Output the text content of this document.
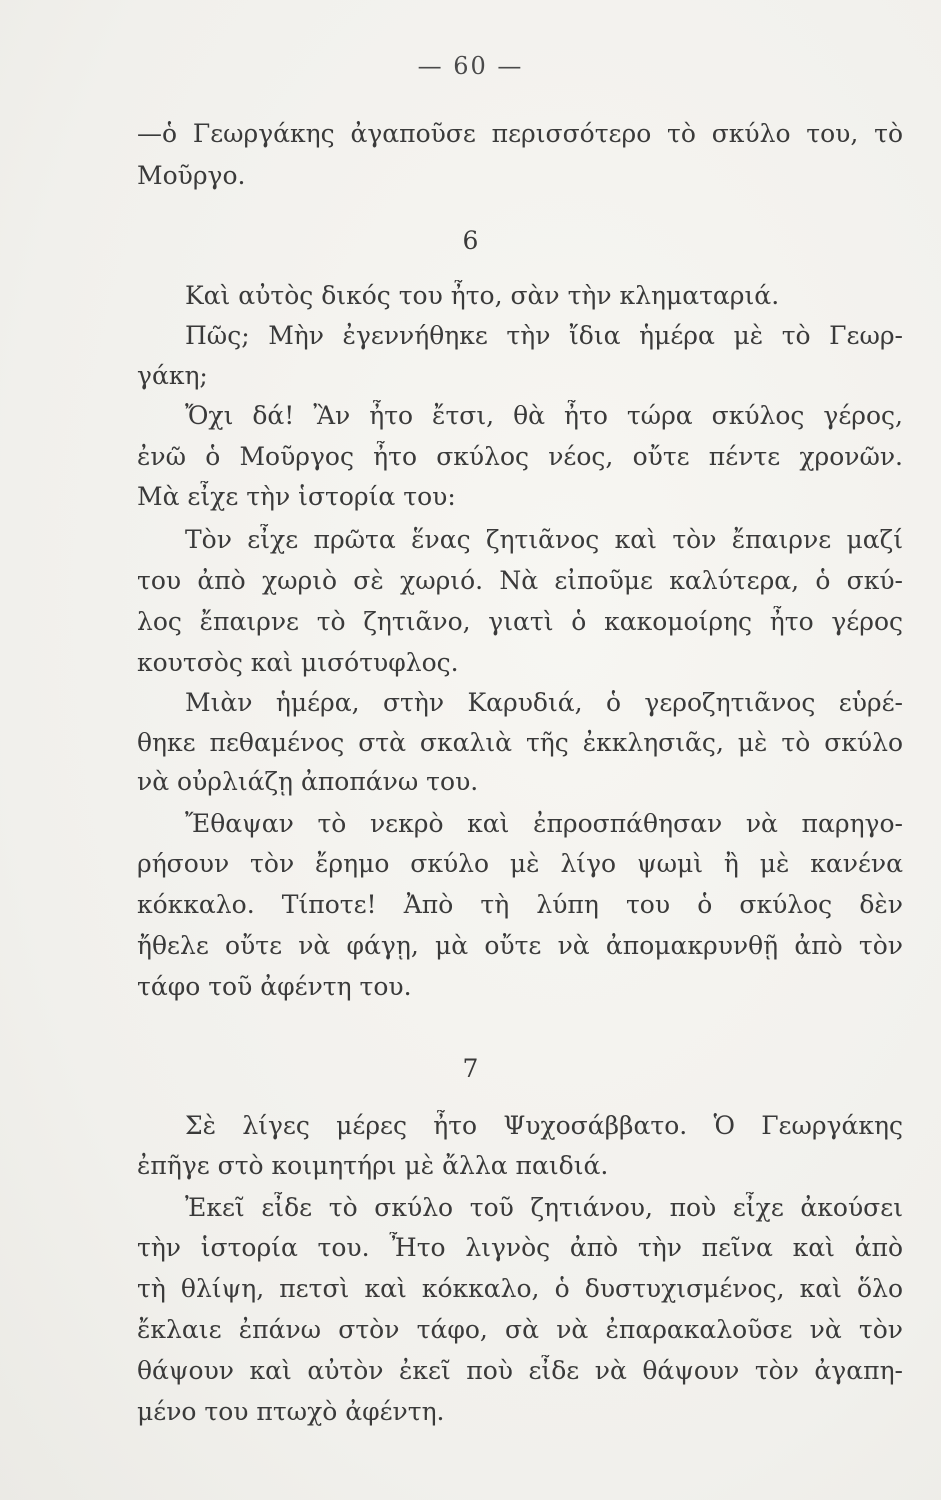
— 60 —
—ὁ Γεωργάκης ἀγαποῦσε περισσότερο τὸ σκύλο του, τὸ
Μοῦργο.
6
Καὶ αὐτὸς δικός του ἦτο, σὰν τὴν κληματαριά.
Πῶς; Μὴν ἐγεννήθηκε τὴν ἴδια ἡμέρα μὲ τὸ Γεωρ-
γάκη;
Ὄχι δά! Ἂν ἦτο ἔτσι, θὰ ἦτο τώρα σκύλος γέρος,
ἐνῶ ὁ Μοῦργος ἦτο σκύλος νέος, οὔτε πέντε χρονῶν.
Μὰ εἶχε τὴν ἱστορία του:
Τὸν εἶχε πρῶτα ἕνας ζητιᾶνος καὶ τὸν ἔπαιρνε μαζί
του ἀπὸ χωριὸ σὲ χωριό. Νὰ εἰποῦμε καλύτερα, ὁ σκύ-
λος ἔπαιρνε τὸ ζητιᾶνο, γιατὶ ὁ κακομοίρης ἦτο γέρος
κουτσὸς καὶ μισότυφλος.
Μιὰν ἡμέρα, στὴν Καρυδιά, ὁ γεροζητιᾶνος εὑρέ-
θηκε πεθαμένος στὰ σκαλιὰ τῆς ἐκκλησιᾶς, μὲ τὸ σκύλο
νὰ οὐρλιάζῃ ἀποπάνω του.
Ἔθαψαν τὸ νεκρὸ καὶ ἐπροσπάθησαν νὰ παρηγο-
ρήσουν τὸν ἔρημο σκύλο μὲ λίγο ψωμὶ ἢ μὲ κανένα
κόκκαλο. Τίποτε! Ἀπὸ τὴ λύπη του ὁ σκύλος δὲν
ἤθελε οὔτε νὰ φάγῃ, μὰ οὔτε νὰ ἀπομακρυνθῇ ἀπὸ τὸν
τάφο τοῦ ἀφέντη του.
7
Σὲ λίγες μέρες ἦτο Ψυχοσάββατο. Ὁ Γεωργάκης
ἐπῆγε στὸ κοιμητήρι μὲ ἄλλα παιδιά.
Ἐκεῖ εἶδε τὸ σκύλο τοῦ ζητιάνου, ποὺ εἶχε ἀκούσει
τὴν ἱστορία του. Ἦτο λιγνὸς ἀπὸ τὴν πεῖνα καὶ ἀπὸ
τὴ θλίψη, πετσὶ καὶ κόκκαλο, ὁ δυστυχισμένος, καὶ ὅλο
ἔκλαιε ἐπάνω στὸν τάφο, σὰ νὰ ἐπαρακαλοῦσε νὰ τὸν
θάψουν καὶ αὐτὸν ἐκεῖ ποὺ εἶδε νὰ θάψουν τὸν ἀγαπη-
μένο του πτωχὸ ἀφέντη.
